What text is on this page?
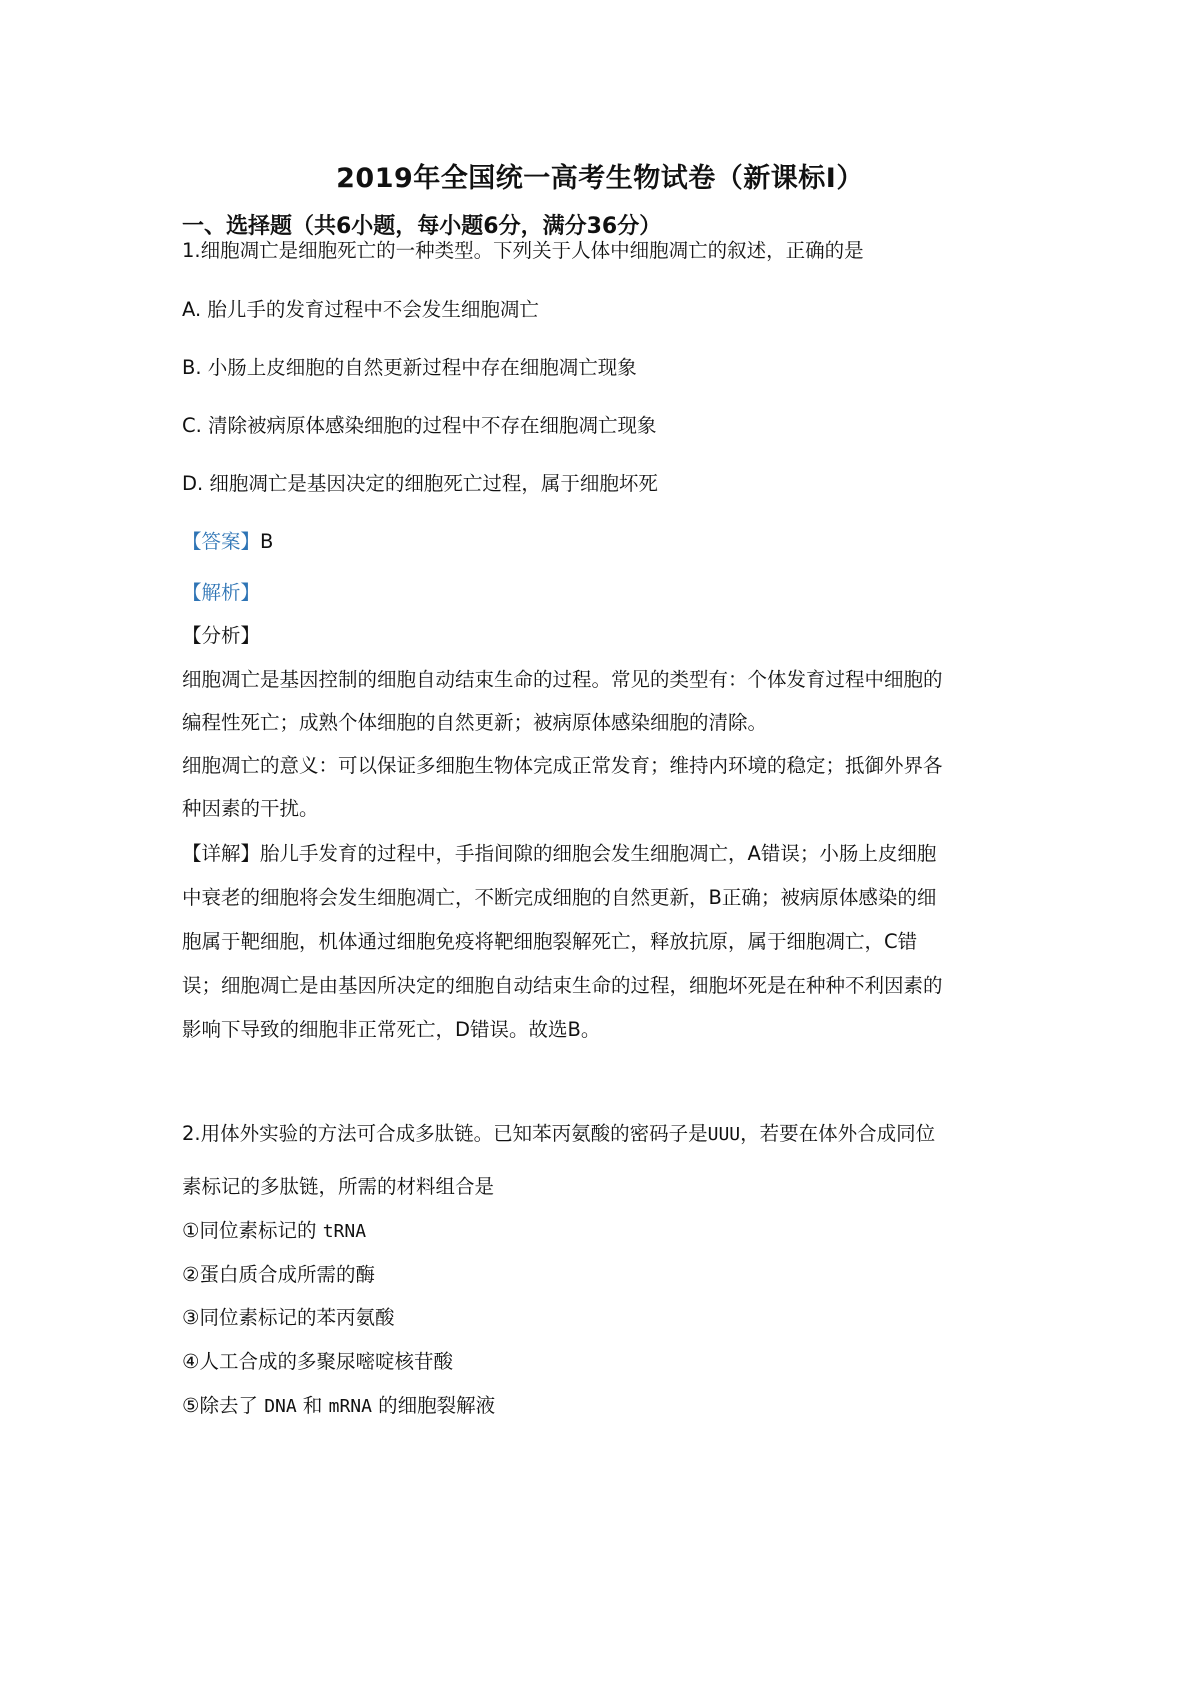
2019年全国统一高考生物试卷（新课标Ⅰ）
一、选择题（共6小题，每小题6分，满分36分）
1.细胞凋亡是细胞死亡的一种类型。下列关于人体中细胞凋亡的叙述，正确的是
A. 胎儿手的发育过程中不会发生细胞凋亡
B. 小肠上皮细胞的自然更新过程中存在细胞凋亡现象
C. 清除被病原体感染细胞的过程中不存在细胞凋亡现象
D. 细胞凋亡是基因决定的细胞死亡过程，属于细胞坏死
【答案】B
【解析】
【分析】
细胞凋亡是基因控制的细胞自动结束生命的过程。常见的类型有：个体发育过程中细胞的
编程性死亡；成熟个体细胞的自然更新；被病原体感染细胞的清除。
细胞凋亡的意义：可以保证多细胞生物体完成正常发育；维持内环境的稳定；抵御外界各
种因素的干扰。
【详解】胎儿手发育的过程中，手指间隙的细胞会发生细胞凋亡，A错误；小肠上皮细胞
中衰老的细胞将会发生细胞凋亡，不断完成细胞的自然更新，B正确；被病原体感染的细
胞属于靶细胞，机体通过细胞免疫将靶细胞裂解死亡，释放抗原，属于细胞凋亡，C错
误；细胞凋亡是由基因所决定的细胞自动结束生命的过程，细胞坏死是在种种不利因素的
影响下导致的细胞非正常死亡，D错误。故选B。
2.用体外实验的方法可合成多肽链。已知苯丙氨酸的密码子是UUU，若要在体外合成同位
素标记的多肽链，所需的材料组合是
①同位素标记的 tRNA
②蛋白质合成所需的酶
③同位素标记的苯丙氨酸
④人工合成的多聚尿嘧啶核苷酸
⑤除去了 DNA 和 mRNA 的细胞裂解液
